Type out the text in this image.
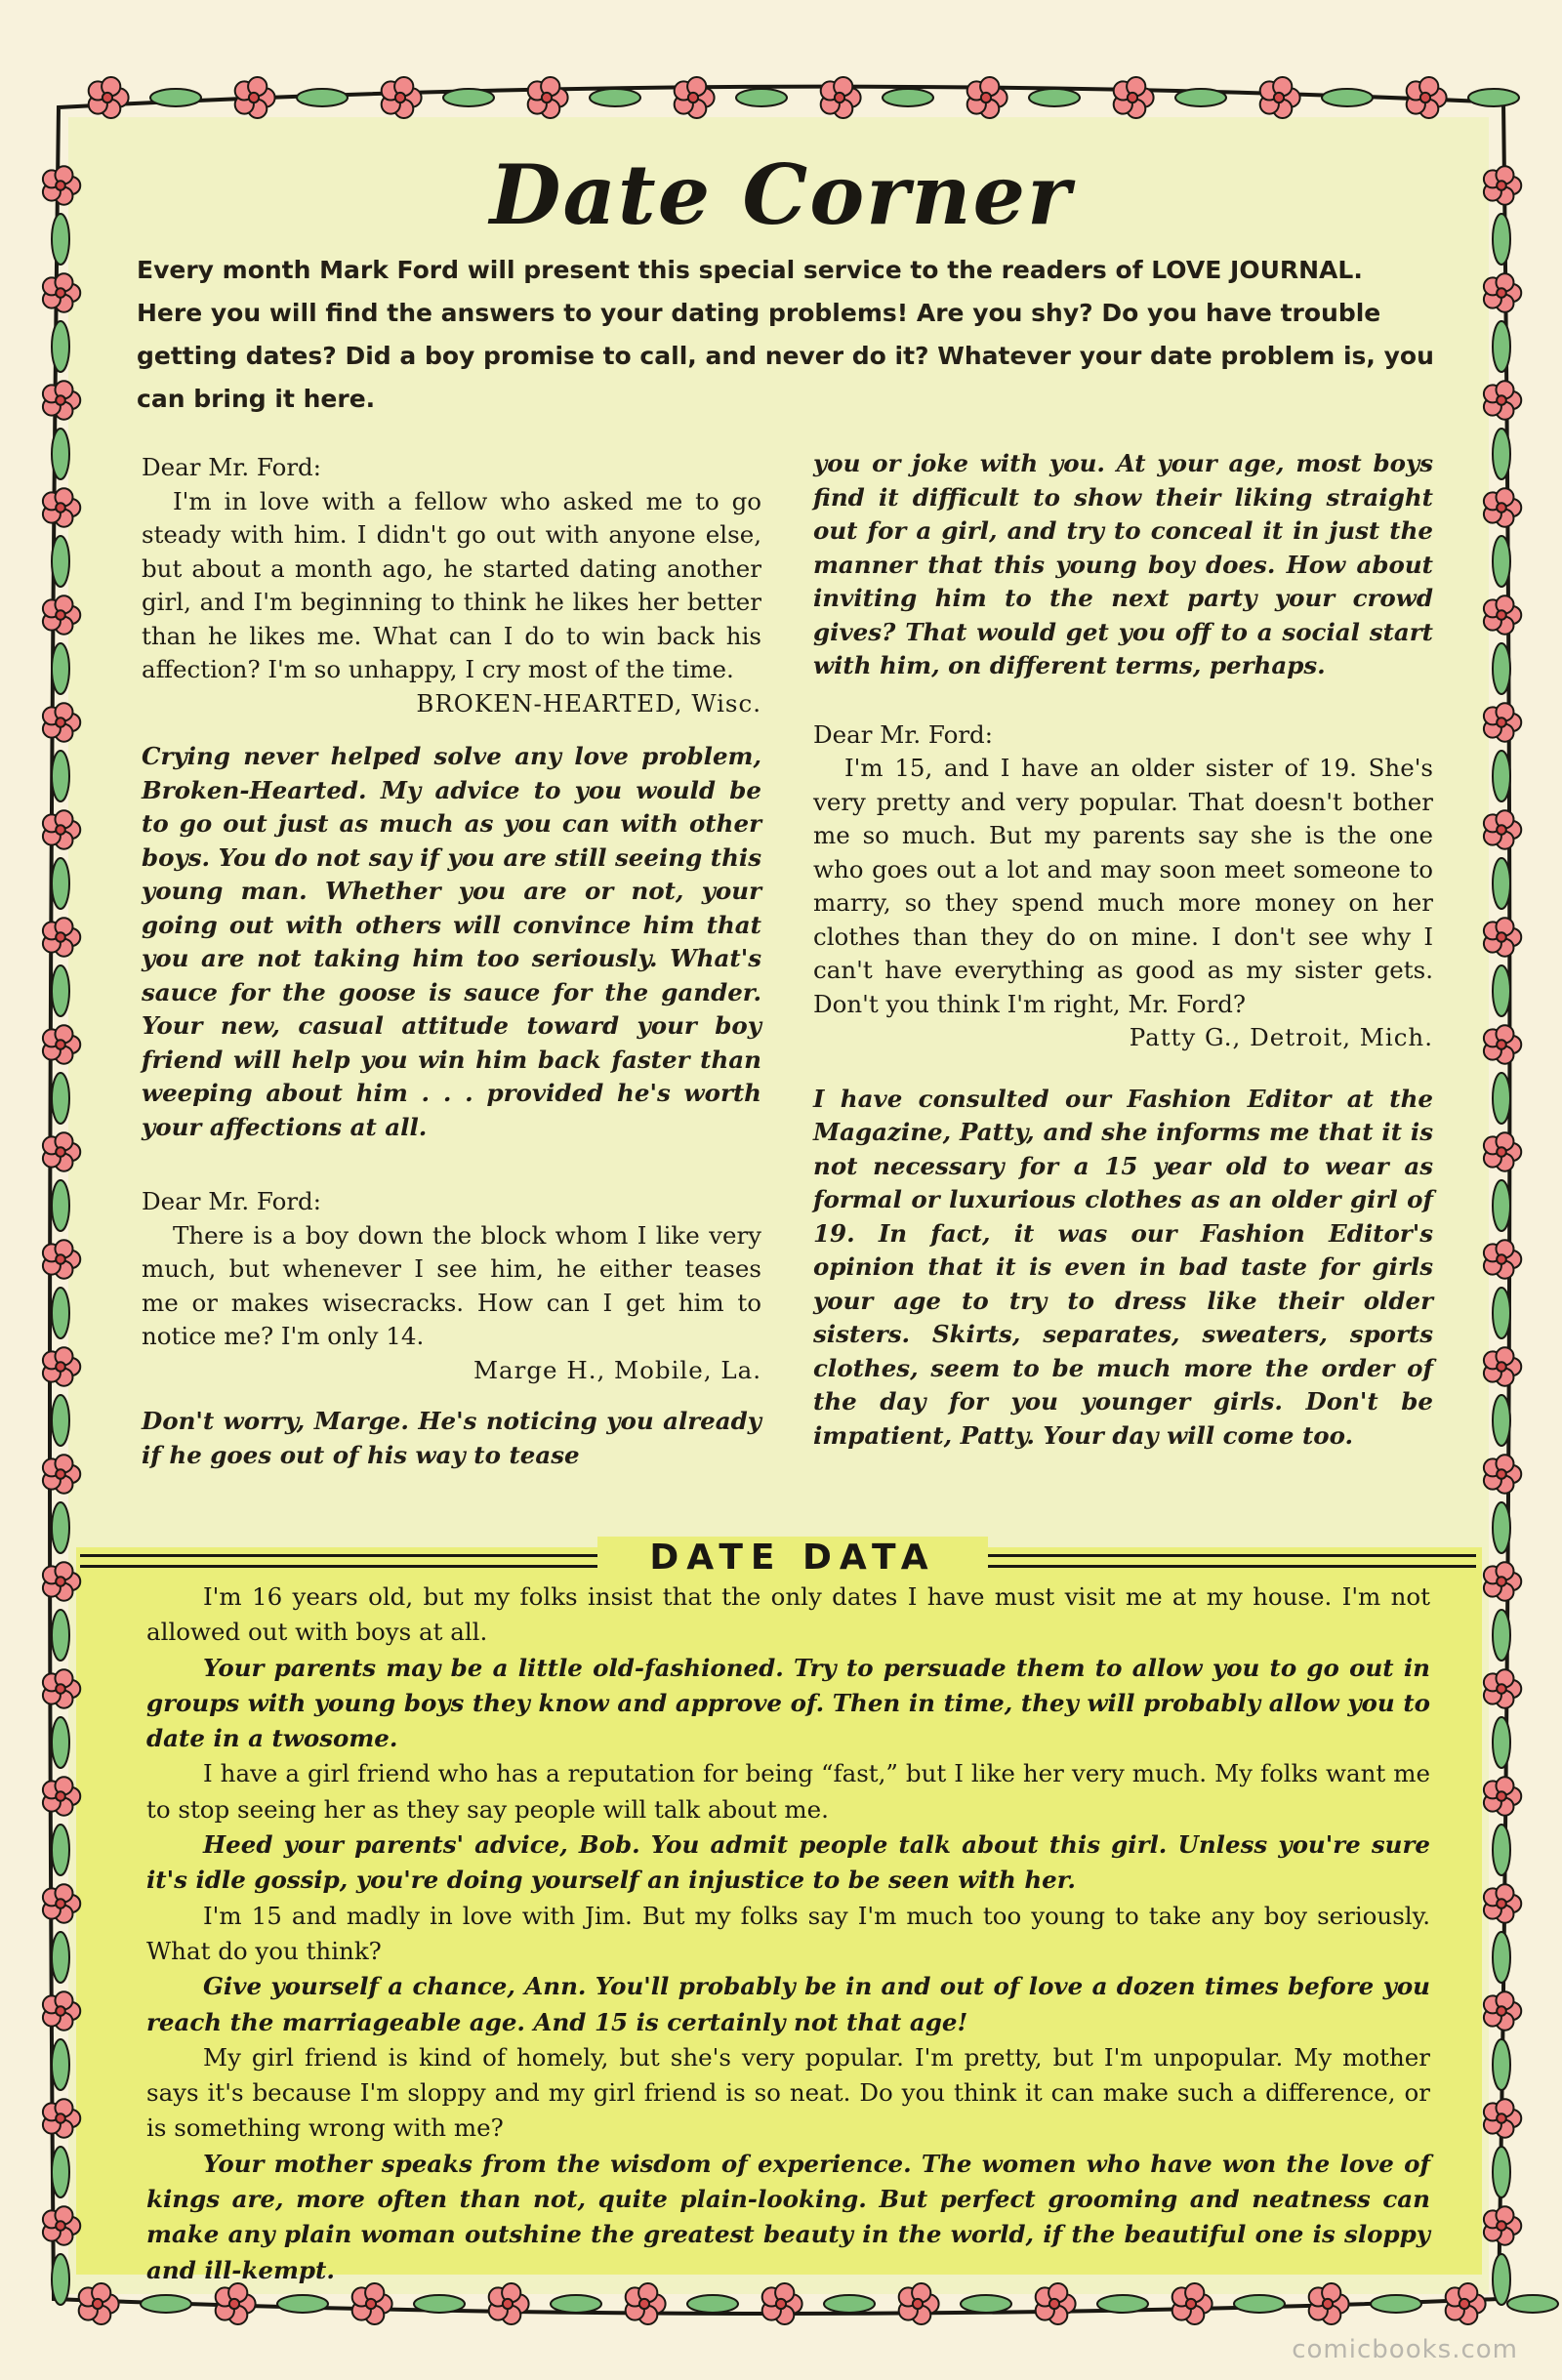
Date Corner

Every month Mark Ford will present this special service to the readers of LOVE JOURNAL. Here you will find the answers to your dating problems! Are you shy? Do you have trouble getting dates? Did a boy promise to call, and never do it? Whatever your date problem is, you can bring it here.

Dear Mr. Ford:

I'm in love with a fellow who asked me to go steady with him. I didn't go out with anyone else, but about a month ago, he started dating another girl, and I'm beginning to think he likes her better than he likes me. What can I do to win back his affection? I'm so unhappy, I cry most of the time.

BROKEN-HEARTED, Wisc.

Crying never helped solve any love problem, Broken-Hearted. My advice to you would be to go out just as much as you can with other boys. You do not say if you are still seeing this young man. Whether you are or not, your going out with others will convince him that you are not taking him too seriously. What's sauce for the goose is sauce for the gander. Your new, casual attitude toward your boy friend will help you win him back faster than weeping about him . . . provided he's worth your affections at all.

Dear Mr. Ford:

There is a boy down the block whom I like very much, but whenever I see him, he either teases me or makes wisecracks. How can I get him to notice me? I'm only 14.

Marge H., Mobile, La.

Don't worry, Marge. He's noticing you already if he goes out of his way to tease

you or joke with you. At your age, most boys find it difficult to show their liking straight out for a girl, and try to conceal it in just the manner that this young boy does. How about inviting him to the next party your crowd gives? That would get you off to a social start with him, on different terms, perhaps.

Dear Mr. Ford:

I'm 15, and I have an older sister of 19. She's very pretty and very popular. That doesn't bother me so much. But my parents say she is the one who goes out a lot and may soon meet someone to marry, so they spend much more money on her clothes than they do on mine. I don't see why I can't have everything as good as my sister gets. Don't you think I'm right, Mr. Ford?

Patty G., Detroit, Mich.

I have consulted our Fashion Editor at the Magazine, Patty, and she informs me that it is not necessary for a 15 year old to wear as formal or luxurious clothes as an older girl of 19. In fact, it was our Fashion Editor's opinion that it is even in bad taste for girls your age to try to dress like their older sisters. Skirts, separates, sweaters, sports clothes, seem to be much more the order of the day for you younger girls. Don't be impatient, Patty. Your day will come too.

DATE DATA

I'm 16 years old, but my folks insist that the only dates I have must visit me at my house. I'm not allowed out with boys at all.

Your parents may be a little old-fashioned. Try to persuade them to allow you to go out in groups with young boys they know and approve of. Then in time, they will probably allow you to date in a twosome.

I have a girl friend who has a reputation for being “fast,” but I like her very much. My folks want me to stop seeing her as they say people will talk about me.

Heed your parents' advice, Bob. You admit people talk about this girl. Unless you're sure it's idle gossip, you're doing yourself an injustice to be seen with her.

I'm 15 and madly in love with Jim. But my folks say I'm much too young to take any boy seriously. What do you think?

Give yourself a chance, Ann. You'll probably be in and out of love a dozen times before you reach the marriageable age. And 15 is certainly not that age!

My girl friend is kind of homely, but she's very popular. I'm pretty, but I'm unpopular. My mother says it's because I'm sloppy and my girl friend is so neat. Do you think it can make such a difference, or is something wrong with me?

Your mother speaks from the wisdom of experience. The women who have won the love of kings are, more often than not, quite plain-looking. But perfect grooming and neatness can make any plain woman outshine the greatest beauty in the world, if the beautiful one is sloppy and ill-kempt.

comicbooks.com
